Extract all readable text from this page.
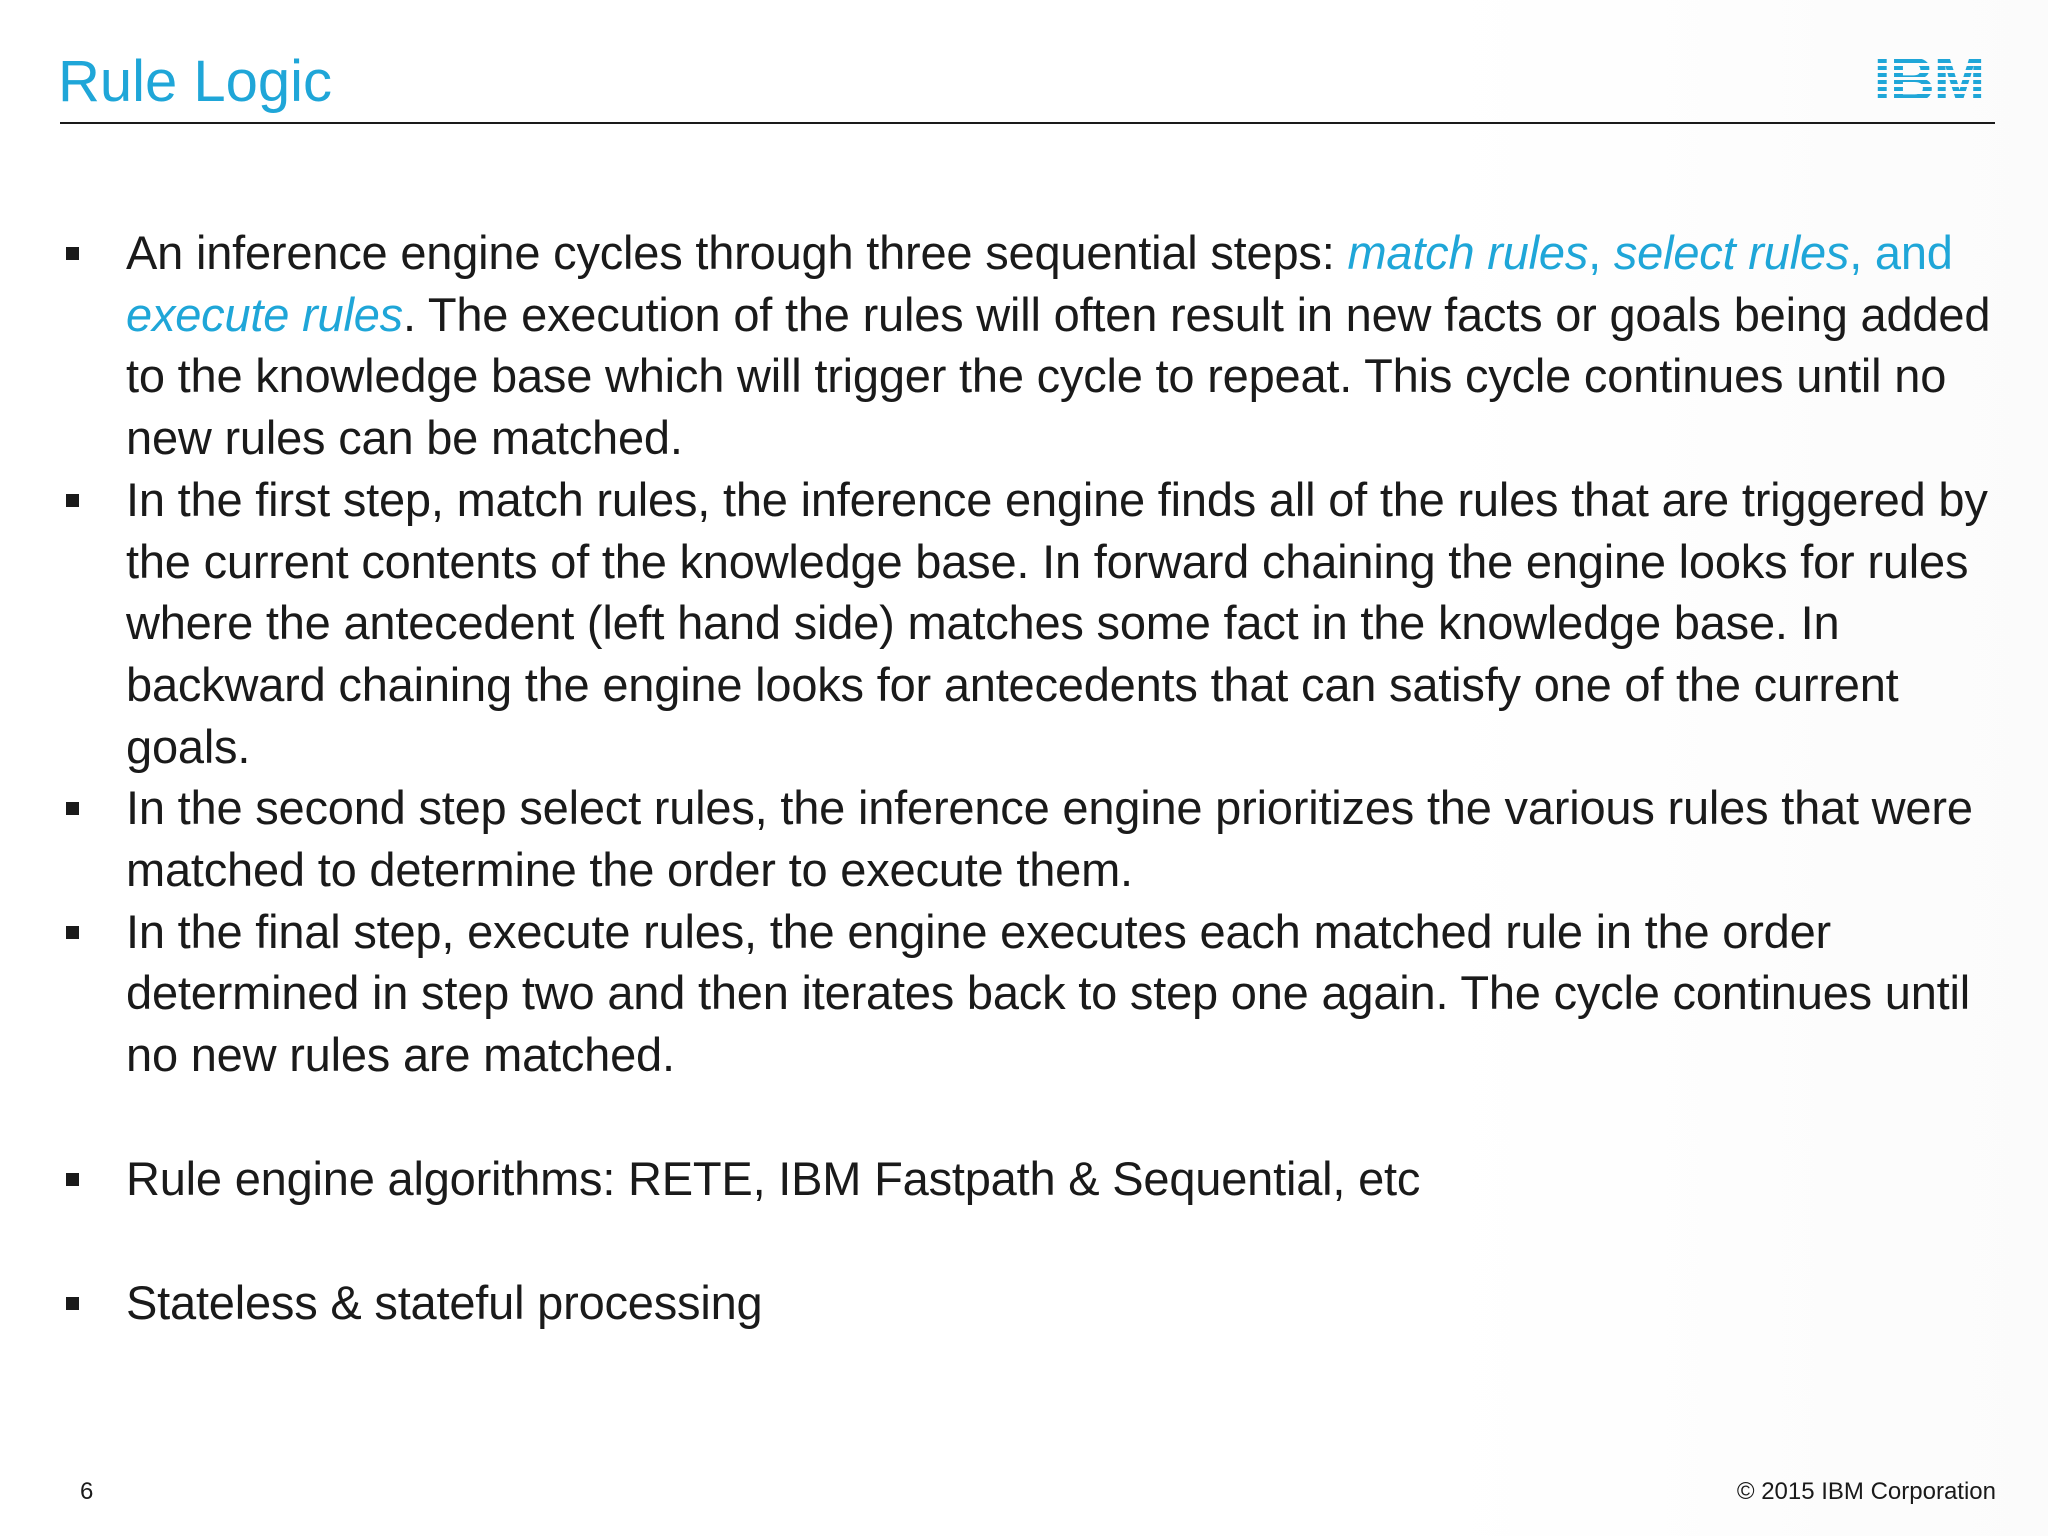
Rule Logic
An inference engine cycles through three sequential steps: match rules, select rules, and execute rules. The execution of the rules will often result in new facts or goals being added to the knowledge base which will trigger the cycle to repeat. This cycle continues until no new rules can be matched.
In the first step, match rules, the inference engine finds all of the rules that are triggered by the current contents of the knowledge base. In forward chaining the engine looks for rules where the antecedent (left hand side) matches some fact in the knowledge base. In backward chaining the engine looks for antecedents that can satisfy one of the current goals.
In the second step select rules, the inference engine prioritizes the various rules that were matched to determine the order to execute them.
In the final step, execute rules, the engine executes each matched rule in the order determined in step two and then iterates back to step one again. The cycle continues until no new rules are matched.
Rule engine algorithms: RETE, IBM Fastpath & Sequential, etc
Stateless & stateful processing
6	© 2015 IBM Corporation
